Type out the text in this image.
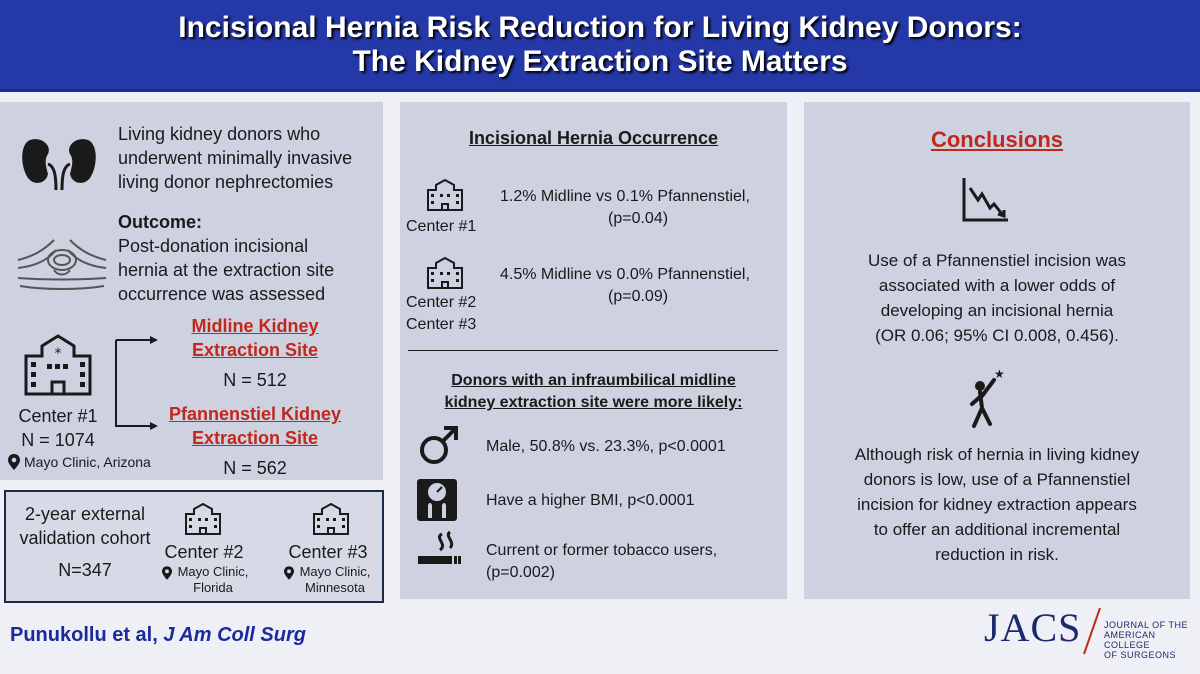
Incisional Hernia Risk Reduction for Living Kidney Donors:
The Kidney Extraction Site Matters
Living kidney donors who
underwent minimally invasive
living donor nephrectomies
Outcome:
Post-donation incisional
hernia at the extraction site
occurrence was assessed
*
Center #1
N = 1074
Mayo Clinic, Arizona
Midline Kidney
Extraction Site
N = 512
Pfannenstiel Kidney
Extraction Site
N = 562
2-year external
validation cohort
N=347
Center #2
Mayo Clinic,
Florida
Center #3
Mayo Clinic,
Minnesota
Incisional Hernia Occurrence
Center #1
1.2% Midline vs 0.1% Pfannenstiel,
(p=0.04)
Center #2
Center #3
4.5% Midline vs 0.0% Pfannenstiel,
(p=0.09)
Donors with an infraumbilical midline
kidney extraction site were more likely:
Male, 50.8% vs. 23.3%, p<0.0001
Have a higher BMI, p<0.0001
Current or former tobacco users,
(p=0.002)
Conclusions
Use of a Pfannenstiel incision was
associated with a lower odds of
developing an incisional hernia
(OR 0.06; 95% CI 0.008, 0.456).
★
Although risk of hernia in living kidney
donors is low, use of a Pfannenstiel
incision for kidney extraction appears
to offer an additional incremental
reduction in risk.
Punukollu et al, J Am Coll Surg	JACS	JOURNAL OF THE
AMERICAN COLLEGE
OF SURGEONS
